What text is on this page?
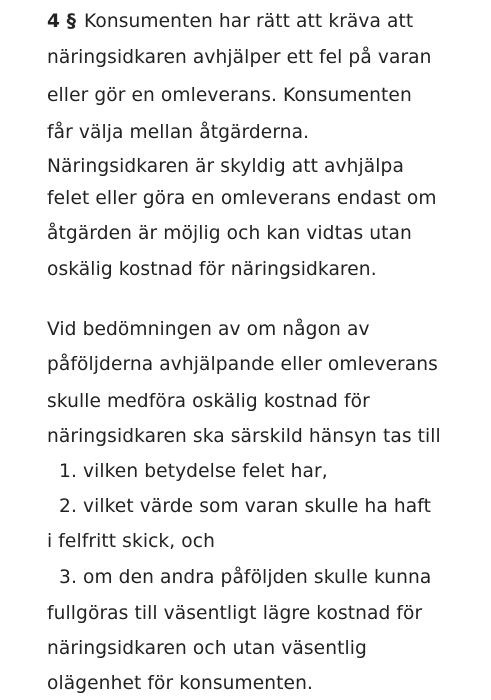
4 § Konsumenten har rätt att kräva att
näringsidkaren avhjälper ett fel på varan
eller gör en omleverans. Konsumenten
får välja mellan åtgärderna.
Näringsidkaren är skyldig att avhjälpa
felet eller göra en omleverans endast om
åtgärden är möjlig och kan vidtas utan
oskälig kostnad för näringsidkaren.
Vid bedömningen av om någon av
påföljderna avhjälpande eller omleverans
skulle medföra oskälig kostnad för
näringsidkaren ska särskild hänsyn tas till
1. vilken betydelse felet har,
2. vilket värde som varan skulle ha haft
i felfritt skick, och
3. om den andra påföljden skulle kunna
fullgöras till väsentligt lägre kostnad för
näringsidkaren och utan väsentlig
olägenhet för konsumenten.
